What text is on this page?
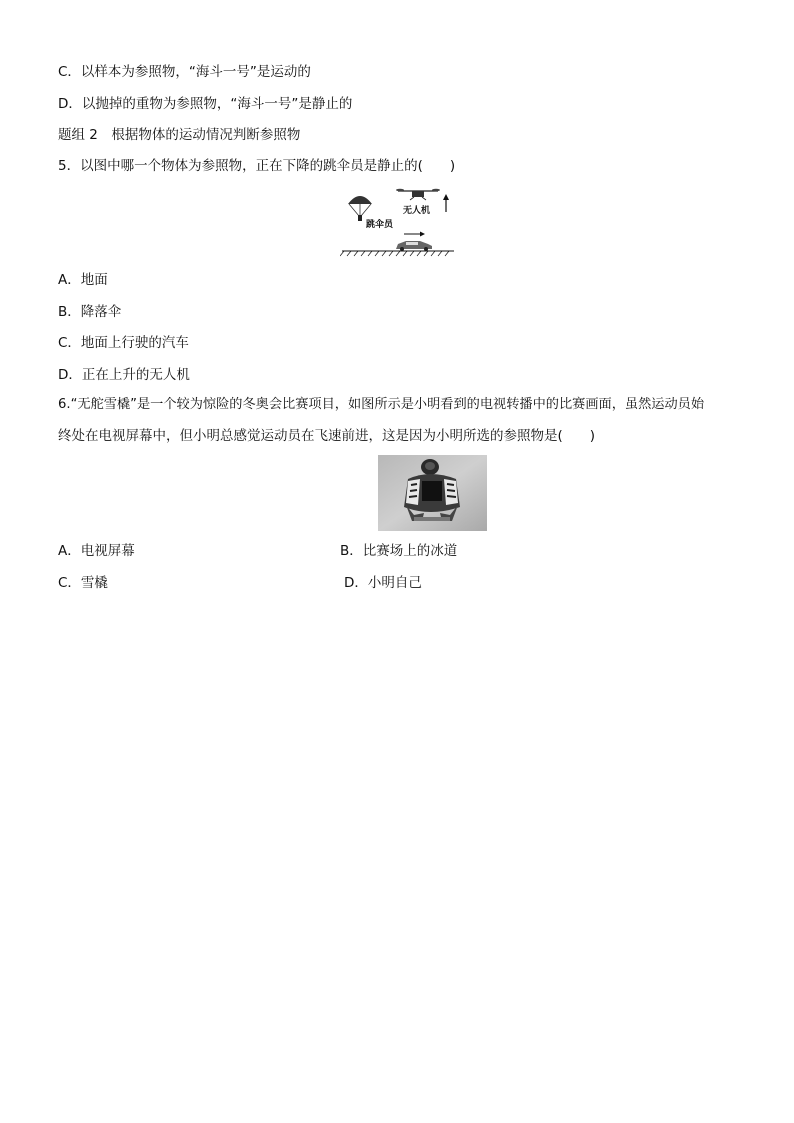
C．以样本为参照物，“海斗一号”是运动的
D．以抛掉的重物为参照物，“海斗一号”是静止的
题组 2　根据物体的运动情况判断参照物
5．以图中哪一个物体为参照物，正在下降的跳伞员是静止的(　　)
跳伞员
无人机
A．地面
B．降落伞
C．地面上行驶的汽车
D．正在上升的无人机
6.“无舵雪橇”是一个较为惊险的冬奥会比赛项目，如图所示是小明看到的电视转播中的比赛画面，虽然运动员始
终处在电视屏幕中，但小明总感觉运动员在飞速前进，这是因为小明所选的参照物是(　　)
A．电视屏幕	B．比赛场上的冰道
C．雪橇	D．小明自己
